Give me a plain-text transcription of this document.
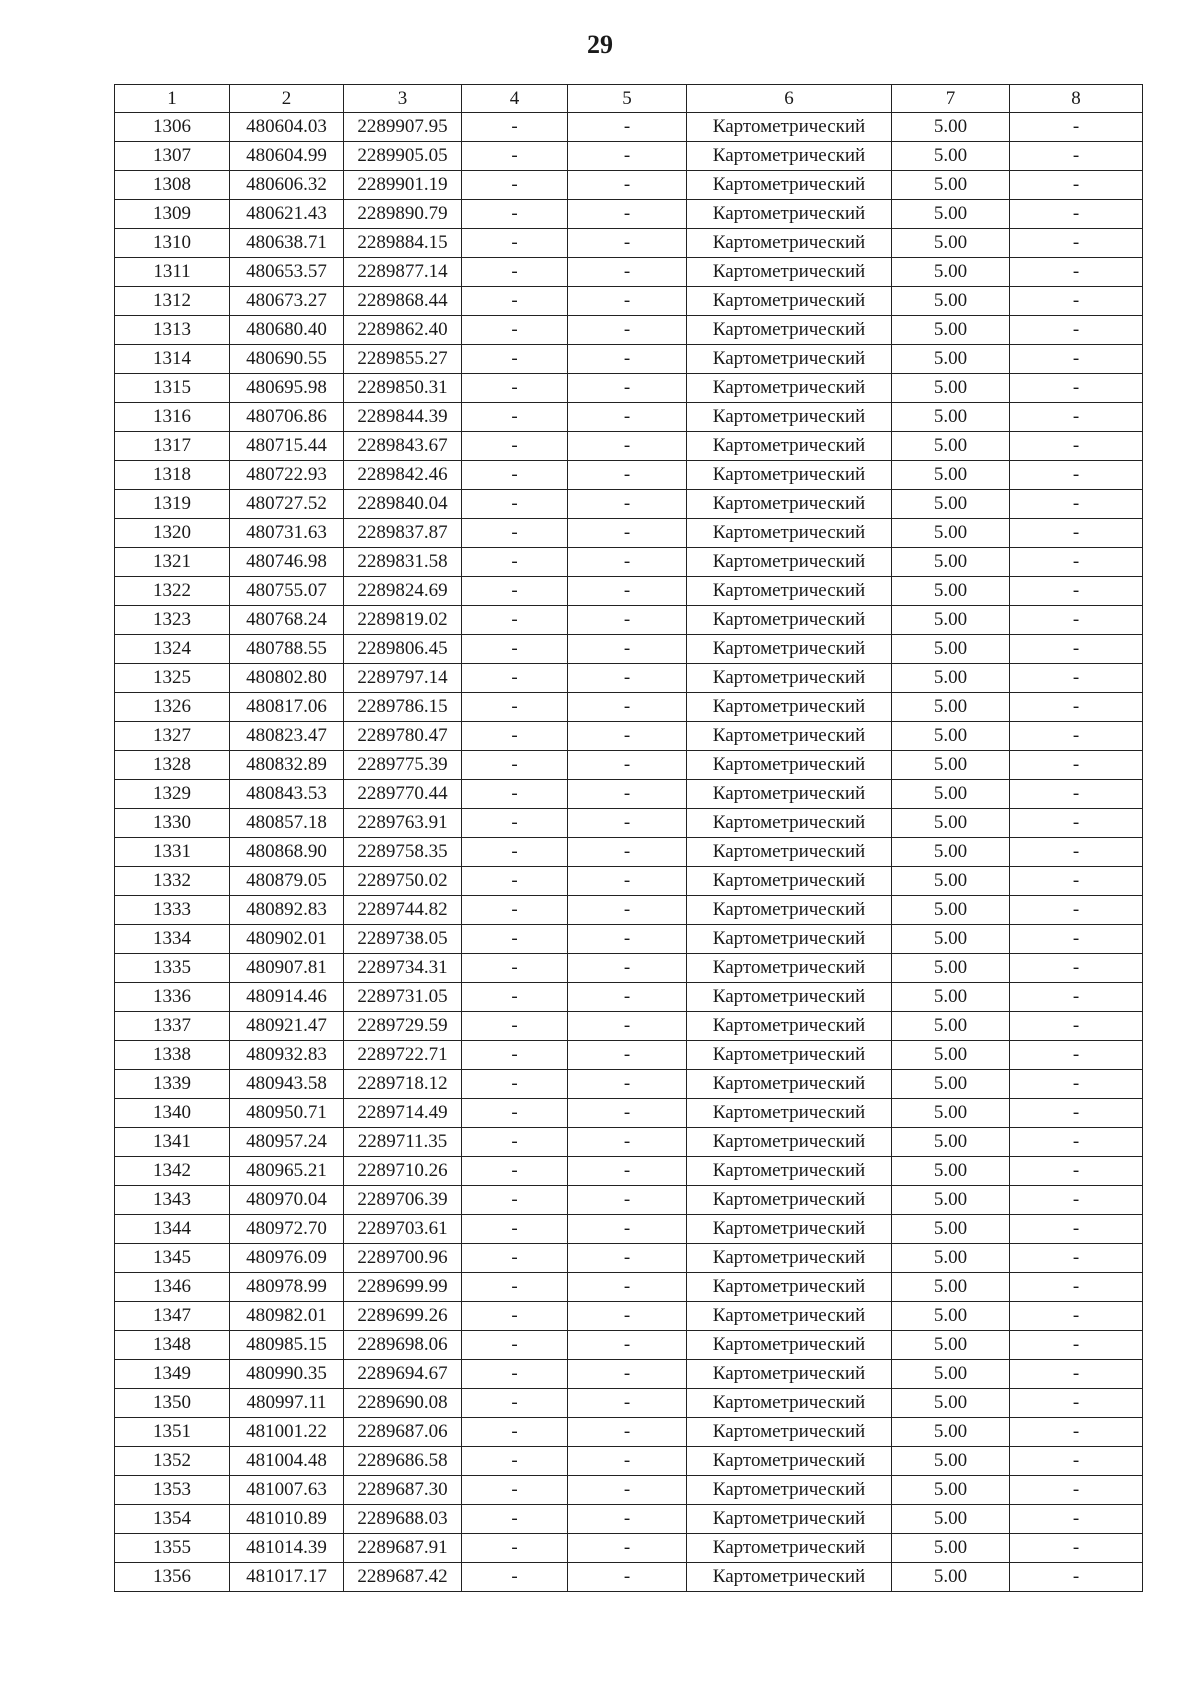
29
1	2	3	4	5	6	7	8
1306	480604.03	2289907.95	-	-	Картометрический	5.00	-
1307	480604.99	2289905.05	-	-	Картометрический	5.00	-
1308	480606.32	2289901.19	-	-	Картометрический	5.00	-
1309	480621.43	2289890.79	-	-	Картометрический	5.00	-
1310	480638.71	2289884.15	-	-	Картометрический	5.00	-
1311	480653.57	2289877.14	-	-	Картометрический	5.00	-
1312	480673.27	2289868.44	-	-	Картометрический	5.00	-
1313	480680.40	2289862.40	-	-	Картометрический	5.00	-
1314	480690.55	2289855.27	-	-	Картометрический	5.00	-
1315	480695.98	2289850.31	-	-	Картометрический	5.00	-
1316	480706.86	2289844.39	-	-	Картометрический	5.00	-
1317	480715.44	2289843.67	-	-	Картометрический	5.00	-
1318	480722.93	2289842.46	-	-	Картометрический	5.00	-
1319	480727.52	2289840.04	-	-	Картометрический	5.00	-
1320	480731.63	2289837.87	-	-	Картометрический	5.00	-
1321	480746.98	2289831.58	-	-	Картометрический	5.00	-
1322	480755.07	2289824.69	-	-	Картометрический	5.00	-
1323	480768.24	2289819.02	-	-	Картометрический	5.00	-
1324	480788.55	2289806.45	-	-	Картометрический	5.00	-
1325	480802.80	2289797.14	-	-	Картометрический	5.00	-
1326	480817.06	2289786.15	-	-	Картометрический	5.00	-
1327	480823.47	2289780.47	-	-	Картометрический	5.00	-
1328	480832.89	2289775.39	-	-	Картометрический	5.00	-
1329	480843.53	2289770.44	-	-	Картометрический	5.00	-
1330	480857.18	2289763.91	-	-	Картометрический	5.00	-
1331	480868.90	2289758.35	-	-	Картометрический	5.00	-
1332	480879.05	2289750.02	-	-	Картометрический	5.00	-
1333	480892.83	2289744.82	-	-	Картометрический	5.00	-
1334	480902.01	2289738.05	-	-	Картометрический	5.00	-
1335	480907.81	2289734.31	-	-	Картометрический	5.00	-
1336	480914.46	2289731.05	-	-	Картометрический	5.00	-
1337	480921.47	2289729.59	-	-	Картометрический	5.00	-
1338	480932.83	2289722.71	-	-	Картометрический	5.00	-
1339	480943.58	2289718.12	-	-	Картометрический	5.00	-
1340	480950.71	2289714.49	-	-	Картометрический	5.00	-
1341	480957.24	2289711.35	-	-	Картометрический	5.00	-
1342	480965.21	2289710.26	-	-	Картометрический	5.00	-
1343	480970.04	2289706.39	-	-	Картометрический	5.00	-
1344	480972.70	2289703.61	-	-	Картометрический	5.00	-
1345	480976.09	2289700.96	-	-	Картометрический	5.00	-
1346	480978.99	2289699.99	-	-	Картометрический	5.00	-
1347	480982.01	2289699.26	-	-	Картометрический	5.00	-
1348	480985.15	2289698.06	-	-	Картометрический	5.00	-
1349	480990.35	2289694.67	-	-	Картометрический	5.00	-
1350	480997.11	2289690.08	-	-	Картометрический	5.00	-
1351	481001.22	2289687.06	-	-	Картометрический	5.00	-
1352	481004.48	2289686.58	-	-	Картометрический	5.00	-
1353	481007.63	2289687.30	-	-	Картометрический	5.00	-
1354	481010.89	2289688.03	-	-	Картометрический	5.00	-
1355	481014.39	2289687.91	-	-	Картометрический	5.00	-
1356	481017.17	2289687.42	-	-	Картометрический	5.00	-
